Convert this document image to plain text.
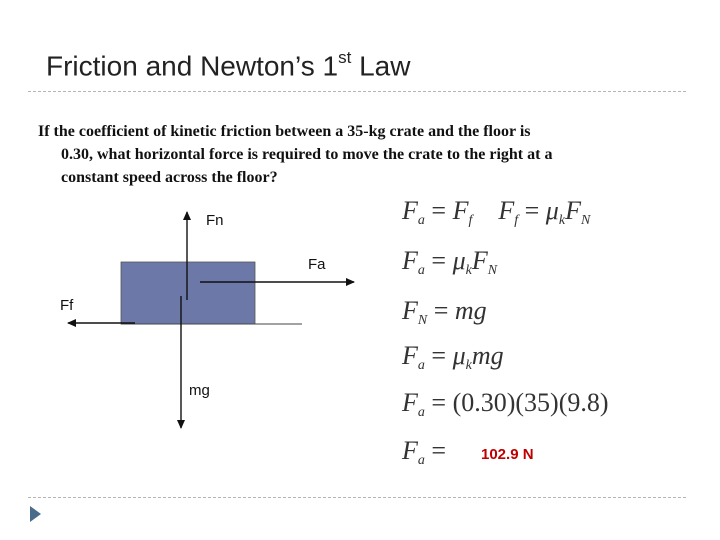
Friction and Newton’s 1st Law
If the coefficient of kinetic friction between a 35-kg crate and the floor is
0.30, what horizontal force is required to move the crate to the right at a
constant speed across the floor?
Fn
Fa
Ff
mg
$F_a = F_f$ $F_f = \mu_kF_N$
$F_a = \mu_kF_N$
$F_N$ = mg
$F_a = \mu_kmg$
$F_a = (0.30)(35)(9.8)$
$F_a = 102.9$ N
